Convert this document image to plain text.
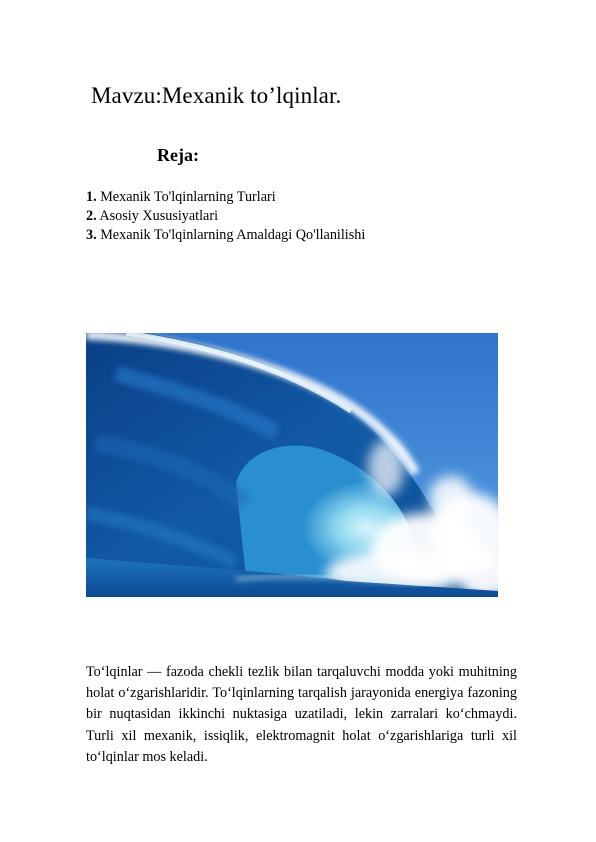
Mavzu:Mexanik to’lqinlar.
Reja:
1. Mexanik To'lqinlarning Turlari
2. Asosiy Xususiyatlari
3. Mexanik To'lqinlarning Amaldagi Qo'llanilishi

To‘lqinlar — fazoda chekli tezlik bilan tarqaluvchi modda yoki muhitning holat o‘zgarishlaridir. To‘lqinlarning tarqalish jarayonida energiya fazoning bir nuqtasidan ikkinchi nuktasiga uzatiladi, lekin zarralari ko‘chmaydi. Turli xil mexanik, issiqlik, elektromagnit holat o‘zgarishlariga turli xil to‘lqinlar mos keladi.
